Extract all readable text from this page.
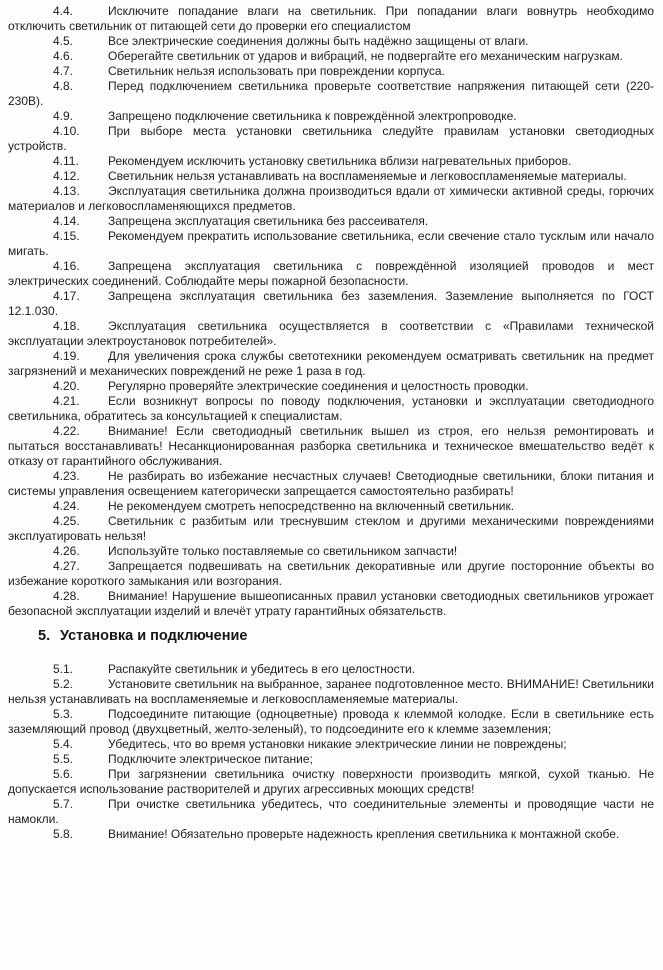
4.4.	Исключите попадание влаги на светильник. При попадании влаги вовнутрь необходимо отключить светильник от питающей сети до проверки его специалистом

4.5.	Все электрические соединения должны быть надёжно защищены от влаги.

4.6.	Оберегайте светильник от ударов и вибраций, не подвергайте его механическим нагрузкам.

4.7.	Светильник нельзя использовать при повреждении корпуса.

4.8.	Перед подключением светильника проверьте соответствие напряжения питающей сети (220-230В).

4.9.	Запрещено подключение светильника к повреждённой электропроводке.

4.10. При выборе места установки светильника следуйте правилам установки светодиодных устройств.

4.11. Рекомендуем исключить установку светильника вблизи нагревательных приборов.

4.12. Светильник нельзя устанавливать на воспламеняемые и легковоспламеняемые материалы.

4.13. Эксплуатация светильника должна производиться вдали от химически активной среды, горючих материалов и легковоспламеняющихся предметов.

4.14. Запрещена эксплуатация светильника без рассеивателя.

4.15. Рекомендуем прекратить использование светильника, если свечение стало тусклым или начало мигать.

4.16. Запрещена эксплуатация светильника с повреждённой изоляцией проводов и мест электрических соединений. Соблюдайте меры пожарной безопасности.

4.17. Запрещена эксплуатация светильника без заземления. Заземление выполняется по ГОСТ 12.1.030.

4.18. Эксплуатация светильника осуществляется в соответствии с «Правилами технической эксплуатации электроустановок потребителей».

4.19. Для увеличения срока службы светотехники рекомендуем осматривать светильник на предмет загрязнений и механических повреждений не реже 1 раза в год.

4.20. Регулярно проверяйте электрические соединения и целостность проводки.

4.21. Если возникнут вопросы по поводу подключения, установки и эксплуатации светодиодного светильника, обратитесь за консультацией к специалистам.

4.22. Внимание! Если светодиодный светильник вышел из строя, его нельзя ремонтировать и пытаться восстанавливать! Несанкционированная разборка светильника и техническое вмешательство ведёт к отказу от гарантийного обслуживания.

4.23. Не разбирать во избежание несчастных случаев! Светодиодные светильники, блоки питания и системы управления освещением категорически запрещается самостоятельно разбирать!

4.24. Не рекомендуем смотреть непосредственно на включенный светильник.

4.25. Светильник с разбитым или треснувшим стеклом и другими механическими повреждениями эксплуатировать нельзя!

4.26. Используйте только поставляемые со светильником запчасти!

4.27. Запрещается подвешивать на светильник декоративные или другие посторонние объекты во избежание короткого замыкания или возгорания.

4.28. Внимание! Нарушение вышеописанных правил установки светодиодных светильников угрожает безопасной эксплуатации изделий и влечёт утрату гарантийных обязательств.

5. Установка и подключение

5.1.	Распакуйте светильник и убедитесь в его целостности.

5.2.	Установите светильник на выбранное, заранее подготовленное место. ВНИМАНИЕ! Светильники нельзя устанавливать на воспламеняемые и легковоспламеняемые материалы.

5.3.	Подсоедините питающие (одноцветные) провода к клеммой колодке. Если в светильнике есть заземляющий провод (двухцветный, желто-зеленый), то подсоедините его к клемме заземления;

5.4.	Убедитесь, что во время установки никакие электрические линии не повреждены;

5.5.	Подключите электрическое питание;

5.6.	При загрязнении светильника очистку поверхности производить мягкой, сухой тканью. Не допускается использование растворителей и других агрессивных моющих средств!

5.7.	При очистке светильника убедитесь, что соединительные элементы и проводящие части не намокли.

5.8.	Внимание! Обязательно проверьте надежность крепления светильника к монтажной скобе.
